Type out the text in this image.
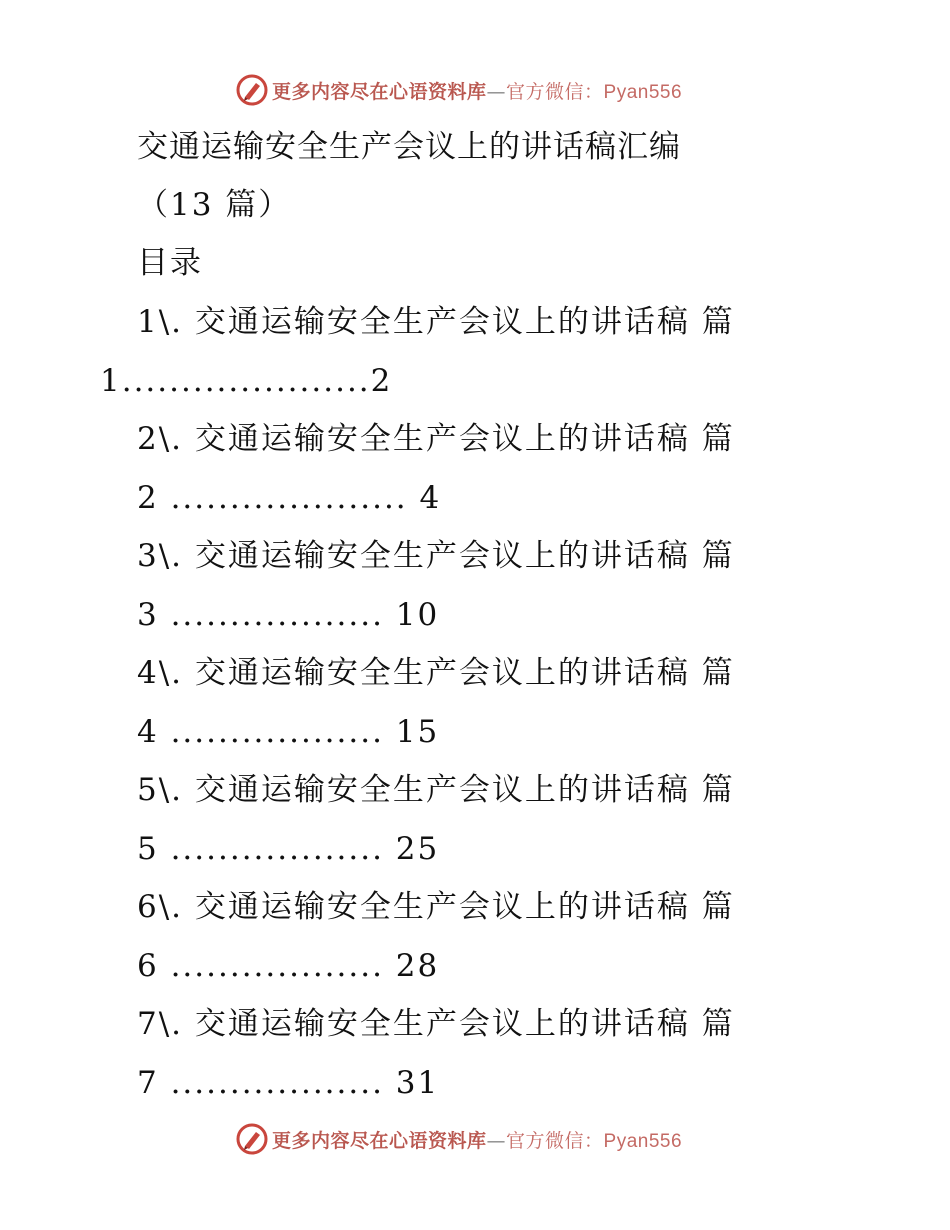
更多内容尽在心语资料库—官方微信：Pyan556
交通运输安全生产会议上的讲话稿汇编
（13 篇）
目录
1\. 交通运输安全生产会议上的讲话稿 篇
1.....................2
2\. 交通运输安全生产会议上的讲话稿 篇
2 .................... 4
3\. 交通运输安全生产会议上的讲话稿 篇
3 .................. 10
4\. 交通运输安全生产会议上的讲话稿 篇
4 .................. 15
5\. 交通运输安全生产会议上的讲话稿 篇
5 .................. 25
6\. 交通运输安全生产会议上的讲话稿 篇
6 .................. 28
7\. 交通运输安全生产会议上的讲话稿 篇
7 .................. 31
更多内容尽在心语资料库—官方微信：Pyan556
